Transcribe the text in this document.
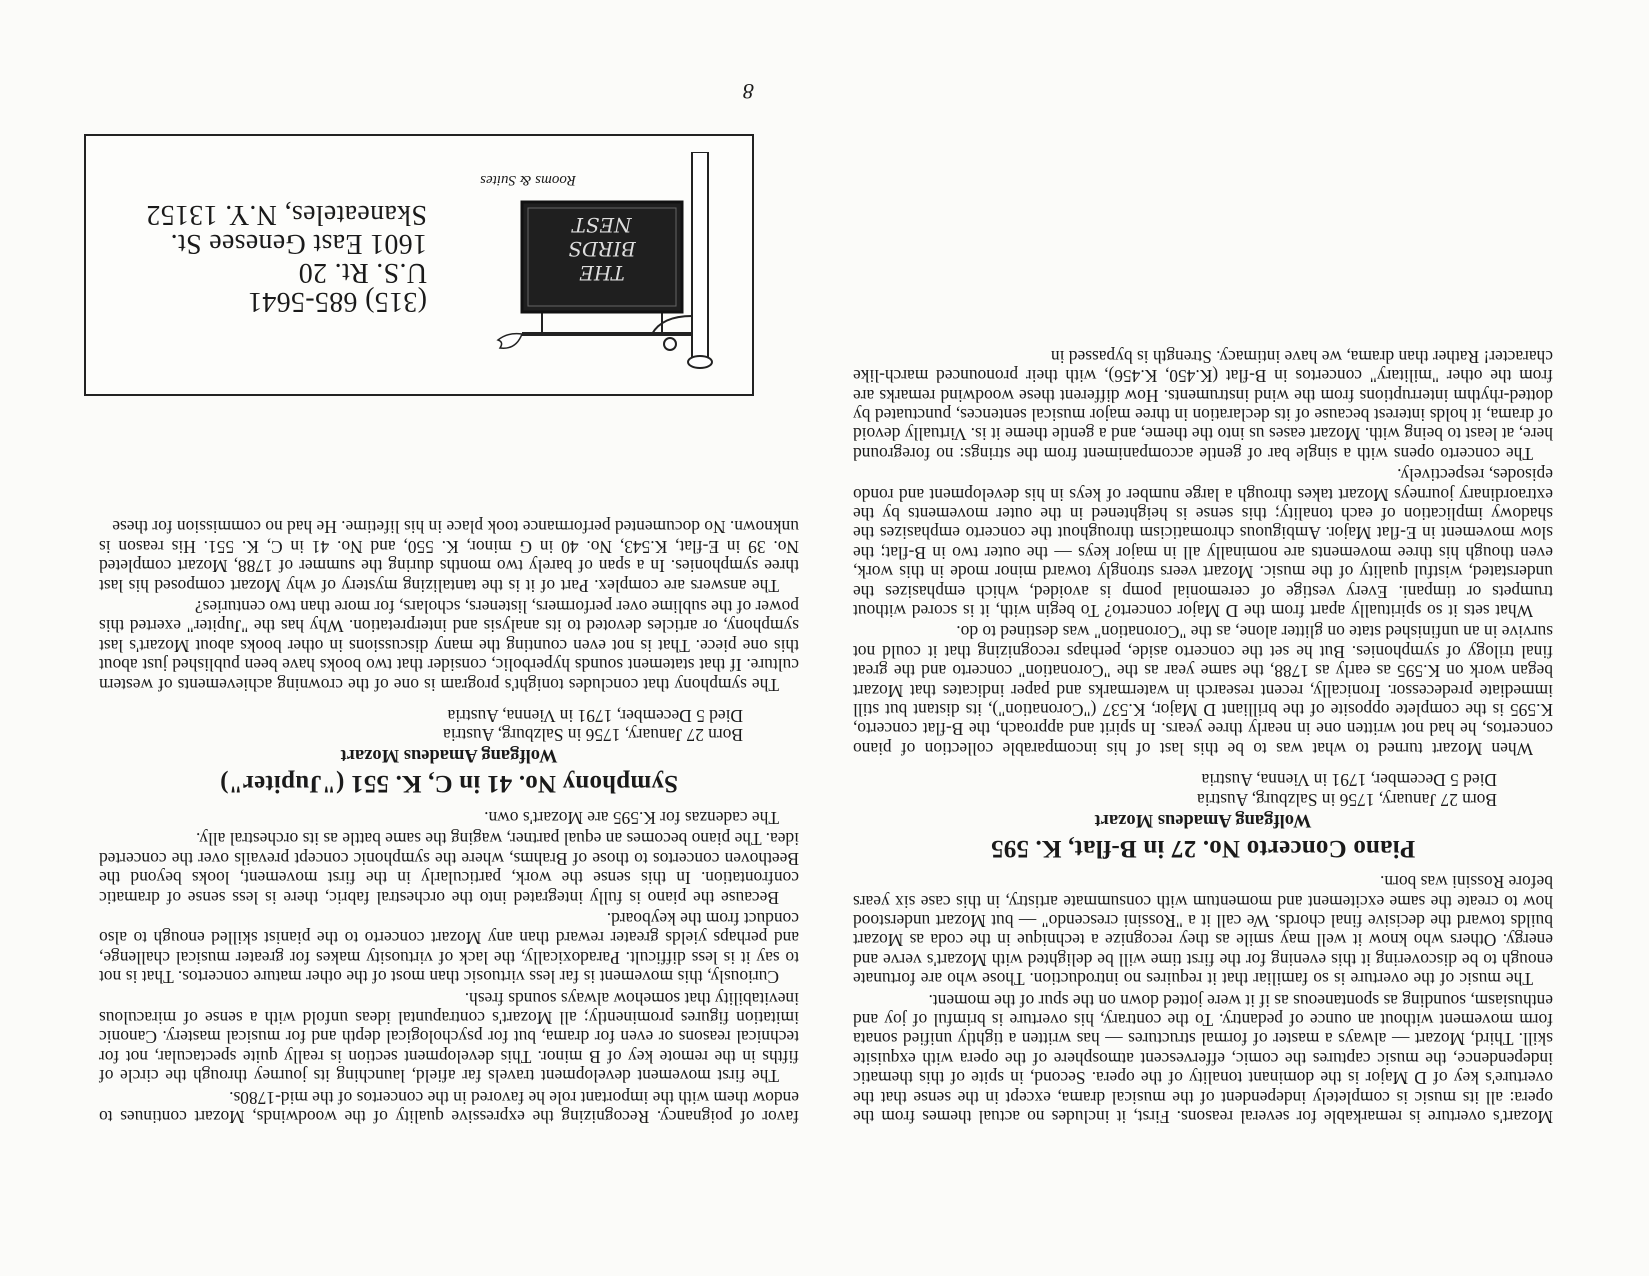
Mozart's overture is remarkable for several reasons. First, it includes no actual themes from the opera: all its music is completely independent of the musical drama, except in the sense that the overture's key of D Major is the dominant tonality of the opera. Second, in spite of this thematic independence, the music captures the comic, effervescent atmosphere of the opera with exquisite skill. Third, Mozart — always a master of formal structures — has written a tightly unified sonata form movement without an ounce of pedantry. To the contrary, his overture is brimful of joy and enthusiasm, sounding as spontaneous as if it were jotted down on the spur of the moment.

The music of the overture is so familiar that it requires no introduction. Those who are fortunate enough to be discovering it this evening for the first time will be delighted with Mozart's verve and energy. Others who know it well may smile as they recognize a technique in the coda as Mozart builds toward the decisive final chords. We call it a "Rossini crescendo" — but Mozart understood how to create the same excitement and momentum with consummate artistry, in this case six years before Rossini was born.

Piano Concerto No. 27 in B-flat, K. 595

Wolfgang Amadeus Mozart

Born 27 January, 1756 in Salzburg, Austria
Died 5 December, 1791 in Vienna, Austria

When Mozart turned to what was to be this last of his incomparable collection of piano concertos, he had not written one in nearly three years. In spirit and approach, the B-flat concerto, K.595 is the complete opposite of the brilliant D Major, K.537 ("Coronation"), its distant but still immediate predecessor. Ironically, recent research in watermarks and paper indicates that Mozart began work on K.595 as early as 1788, the same year as the "Coronation" concerto and the great final trilogy of symphonies. But he set the concerto aside, perhaps recognizing that it could not survive in an unfinished state on glitter alone, as the "Coronation" was destined to do.

What sets it so spiritually apart from the D Major concerto? To begin with, it is scored without trumpets or timpani. Every vestige of ceremonial pomp is avoided, which emphasizes the understated, wistful quality of the music. Mozart veers strongly toward minor mode in this work, even though his three movements are nominally all in major keys — the outer two in B-flat; the slow movement in E-flat Major. Ambiguous chromaticism throughout the concerto emphasizes the shadowy implication of each tonality; this sense is heightened in the outer movements by the extraordinary journeys Mozart takes through a large number of keys in his development and rondo episodes, respectively.

The concerto opens with a single bar of gentle accompaniment from the strings: no foreground here, at least to being with. Mozart eases us into the theme, and a gentle theme it is. Virtually devoid of drama, it holds interest because of its declaration in three major musical sentences, punctuated by dotted-rhythm interruptions from the wind instruments. How different these woodwind remarks are from the other "military" concertos in B-flat (K.450, K.456), with their pronounced march-like character! Rather than drama, we have intimacy. Strength is bypassed in

favor of poignancy. Recognizing the expressive quality of the woodwinds, Mozart continues to endow them with the important role he favored in the concertos of the mid-1780s.

The first movement development travels far afield, launching its journey through the circle of fifths in the remote key of B minor. This development section is really quite spectacular, not for technical reasons or even for drama, but for psychological depth and for musical mastery. Canonic imitation figures prominently; all Mozart's contrapuntal ideas unfold with a sense of miraculous inevitability that somehow always sounds fresh.

Curiously, this movement is far less virtuosic than most of the other mature concertos. That is not to say it is less difficult. Paradoxically, the lack of virtuosity makes for greater musical challenge, and perhaps yields greater reward than any Mozart concerto to the pianist skilled enough to also conduct from the keyboard.

Because the piano is fully integrated into the orchestral fabric, there is less sense of dramatic confrontation. In this sense the work, particularly in the first movement, looks beyond the Beethoven concertos to those of Brahms, where the symphonic concept prevails over the concerted idea. The piano becomes an equal partner, waging the same battle as its orchestral ally.

The cadenzas for K.595 are Mozart's own.

Symphony No. 41 in C, K. 551 ("Jupiter")

Wolfgang Amadeus Mozart

Born 27 January, 1756 in Salzburg, Austria
Died 5 December, 1791 in Vienna, Austria

The symphony that concludes tonight's program is one of the crowning achievements of western culture. If that statement sounds hyperbolic, consider that two books have been published just about this one piece. That is not even counting the many discussions in other books about Mozart's last symphony, or articles devoted to its analysis and interpretation. Why has the "Jupiter" exerted this power of the sublime over performers, listeners, scholars, for more than two centuries?

The answers are complex. Part of it is the tantalizing mystery of why Mozart composed his last three symphonies. In a span of barely two months during the summer of 1788, Mozart completed No. 39 in E-flat, K.543, No. 40 in G minor, K. 550, and No. 41 in C, K. 551. His reason is unknown. No documented performance took place in his lifetime. He had no commission for these

THE
BIRDS
NEST
(315) 685-5641
U.S. Rt. 20
1601 East Genesee St.
Skaneateles, N.Y. 13152
Rooms & Suites
8
